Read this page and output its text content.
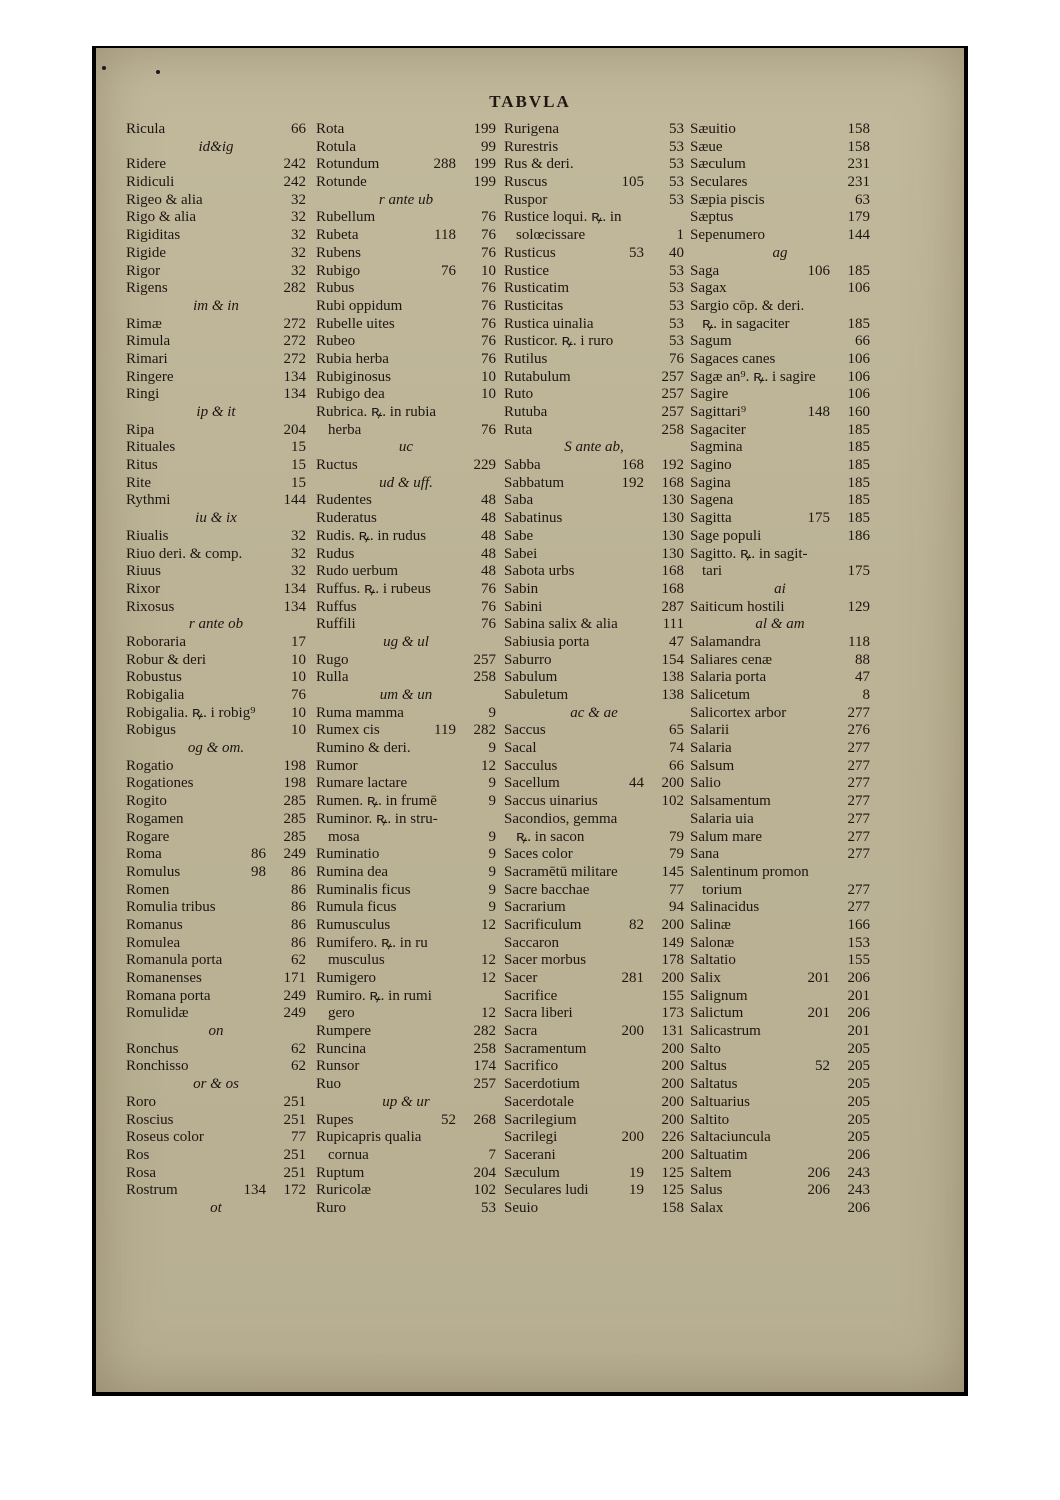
TABVLA
Ricula	66
id&ig
Ridere	242
Ridiculi	242
Rigeo & alia	32
Rigo & alia	32
Rigiditas	32
Rigide	32
Rigor	32
Rigens	282
im & in
Rimæ	272
Rimula	272
Rimari	272
Ringere	134
Ringi	134
ip & it
Ripa	204
Rituales	15
Ritus	15
Rite	15
Rythmi	144
iu & ix
Riualis	32
Riuo deri. & comp.	32
Riuus	32
Rixor	134
Rixosus	134
r ante ob
Roboraria	17
Robur & deri	10
Robustus	10
Robigalia	76
Robigalia. ꝶ. i robig⁹ 10
Robigus	10
og & om.
Rogatio	198
Rogationes	198
Rogito	285
Rogamen	285
Rogare	285
Roma	86 249
Romulus	98 86
Romen	86
Romulia tribus	86
Romanus	86
Romulea	86
Romanula porta	62
Romanenses	171
Romana porta	249
Romulidæ	249
on
Ronchus	62
Ronchisso	62
or & os
Roro	251
Roscius	251
Roseus color	77
Ros	251
Rosa	251
Rostrum	134 172
ot
Rota	199
Rotula	99
Rotundum	288 199
Rotunde	199
r ante ub
Rubellum	76
Rubeta	118 76
Rubens	76
Rubigo	76 10
Rubus	76
Rubi oppidum	76
Rubelle uites	76
Rubeo	76
Rubia herba	76
Rubiginosus	10
Rubigo dea	10
Rubrica. ꝶ. in rubia
herba	76
uc
Ructus	229
ud & uff.
Rudentes	48
Ruderatus	48
Rudis. ꝶ. in rudus	48
Rudus	48
Rudo uerbum	48
Ruffus. ꝶ. i rubeus	76
Ruffus	76
Ruffili	76
ug & ul
Rugo	257
Rulla	258
um & un
Ruma mamma	9
Rumex cis	119 282
Rumino & deri.	9
Rumor	12
Rumare lactare	9
Rumen. ꝶ. in frumē	9
Ruminor. ꝶ. in stru-
mosa	9
Ruminatio	9
Rumina dea	9
Ruminalis ficus	9
Rumula ficus	9
Rumusculus	12
Rumifero. ꝶ. in ru
musculus	12
Rumigero	12
Rumiro. ꝶ. in rumi
gero	12
Rumpere	282
Runcina	258
Runsor	174
Ruo	257
up & ur
Rupes	52 268
Rupicapris qualia
cornua	7
Ruptum	204
Ruricolæ	102
Ruro	53
Rurigena	53
Rurestris	53
Rus & deri.	53
Ruscus	105 53
Ruspor	53
Rustice loqui. ꝶ. in
solœcissare	1
Rusticus	53 40
Rustice	53
Rusticatim	53
Rusticitas	53
Rustica uinalia	53
Rusticor. ꝶ. i ruro	53
Rutilus	76
Rutabulum	257
Ruto	257
Rutuba	257
Ruta	258
S ante ab,
Sabba	168 192
Sabbatum	192 168
Saba	130
Sabatinus	130
Sabe	130
Sabei	130
Sabota urbs	168
Sabin	168
Sabini	287
Sabina salix & alia	111
Sabiusia porta	47
Saburro	154
Sabulum	138
Sabuletum	138
ac & ae
Saccus	65
Sacal	74
Sacculus	66
Sacellum	44 200
Saccus uinarius	102
Sacondios, gemma
ꝶ. in sacon	79
Saces color	79
Sacramētū militare	145
Sacre bacchae	77
Sacrarium	94
Sacrificulum	82 200
Saccaron	149
Sacer morbus	178
Sacer	281 200
Sacrifice	155
Sacra liberi	173
Sacra	200 131
Sacramentum	200
Sacrifico	200
Sacerdotium	200
Sacerdotale	200
Sacrilegium	200
Sacrilegi	200 226
Sacerani	200
Sæculum	19 125
Seculares ludi	19 125
Seuio	158
Sæuitio	158
Sæue	158
Sæculum	231
Seculares	231
Sæpia piscis	63
Sæptus	179
Sepenumero	144
ag
Saga	106 185
Sagax	106
Sargio cōp. & deri.
ꝶ. in sagaciter	185
Sagum	66
Sagaces canes	106
Sagæ an⁹. ꝶ. i sagire 106
Sagire	106
Sagittari⁹	148 160
Sagaciter	185
Sagmina	185
Sagino	185
Sagina	185
Sagena	185
Sagitta	175 185
Sage populi	186
Sagitto. ꝶ. in sagit-
tari	175
ai
Saiticum hostili	129
al & am
Salamandra	118
Saliares cenæ	88
Salaria porta	47
Salicetum	8
Salicortex arbor	277
Salarii	276
Salaria	277
Salsum	277
Salio	277
Salsamentum	277
Salaria uia	277
Salum mare	277
Sana	277
Salentinum promon
torium	277
Salinacidus	277
Salinæ	166
Salonæ	153
Saltatio	155
Salix	201 206
Salignum	201
Salictum	201 206
Salicastrum	201
Salto	205
Saltus	52 205
Saltatus	205
Saltuarius	205
Saltito	205
Saltaciuncula	205
Saltuatim	206
Saltem	206 243
Salus	206 243
Salax	206
